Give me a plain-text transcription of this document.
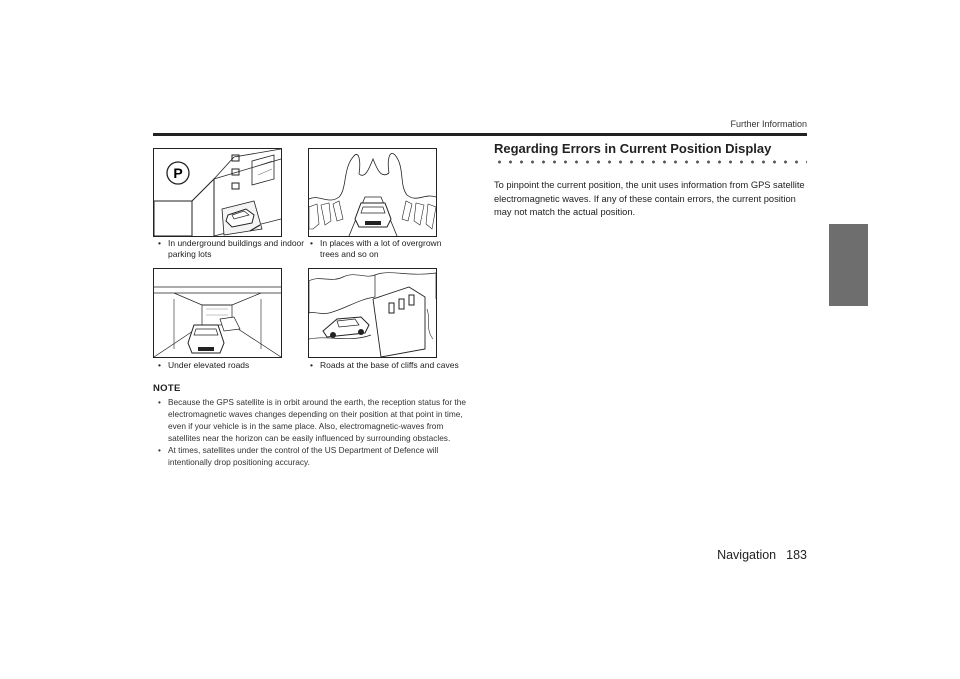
Further Information
P
• In underground buildings and indoor parking lots
• In places with a lot of overgrown trees and so on
• Under elevated roads	• Roads at the base of cliffs and caves
NOTE

• Because the GPS satellite is in orbit around the earth, the reception status for the electromagnetic waves changes depending on their position at that point in time, even if your vehicle is in the same place. Also, electromagnetic-waves from satellites near the horizon can be easily influenced by surrounding obstacles.

• At times, satellites under the control of the US Department of Defence will intentionally drop positioning accuracy.

Regarding Errors in Current Position Display
To pinpoint the current position, the unit uses information from GPS satellite electromagnetic waves. If any of these contain errors, the current position may not match the actual position.
Navigation 183
